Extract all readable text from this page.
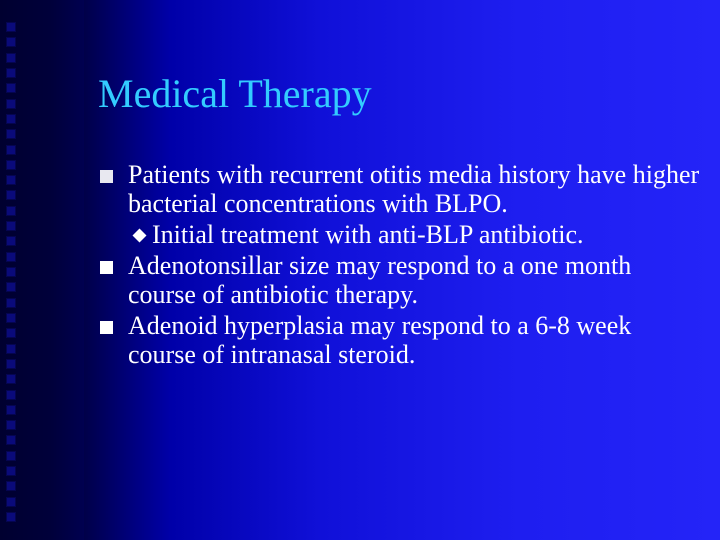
Medical Therapy
Patients with recurrent otitis media history have higher bacterial concentrations with BLPO.
Initial treatment with anti-BLP antibiotic.
Adenotonsillar size may respond to a one month course of antibiotic therapy.
Adenoid hyperplasia may respond to a 6-8 week course of intranasal steroid.
